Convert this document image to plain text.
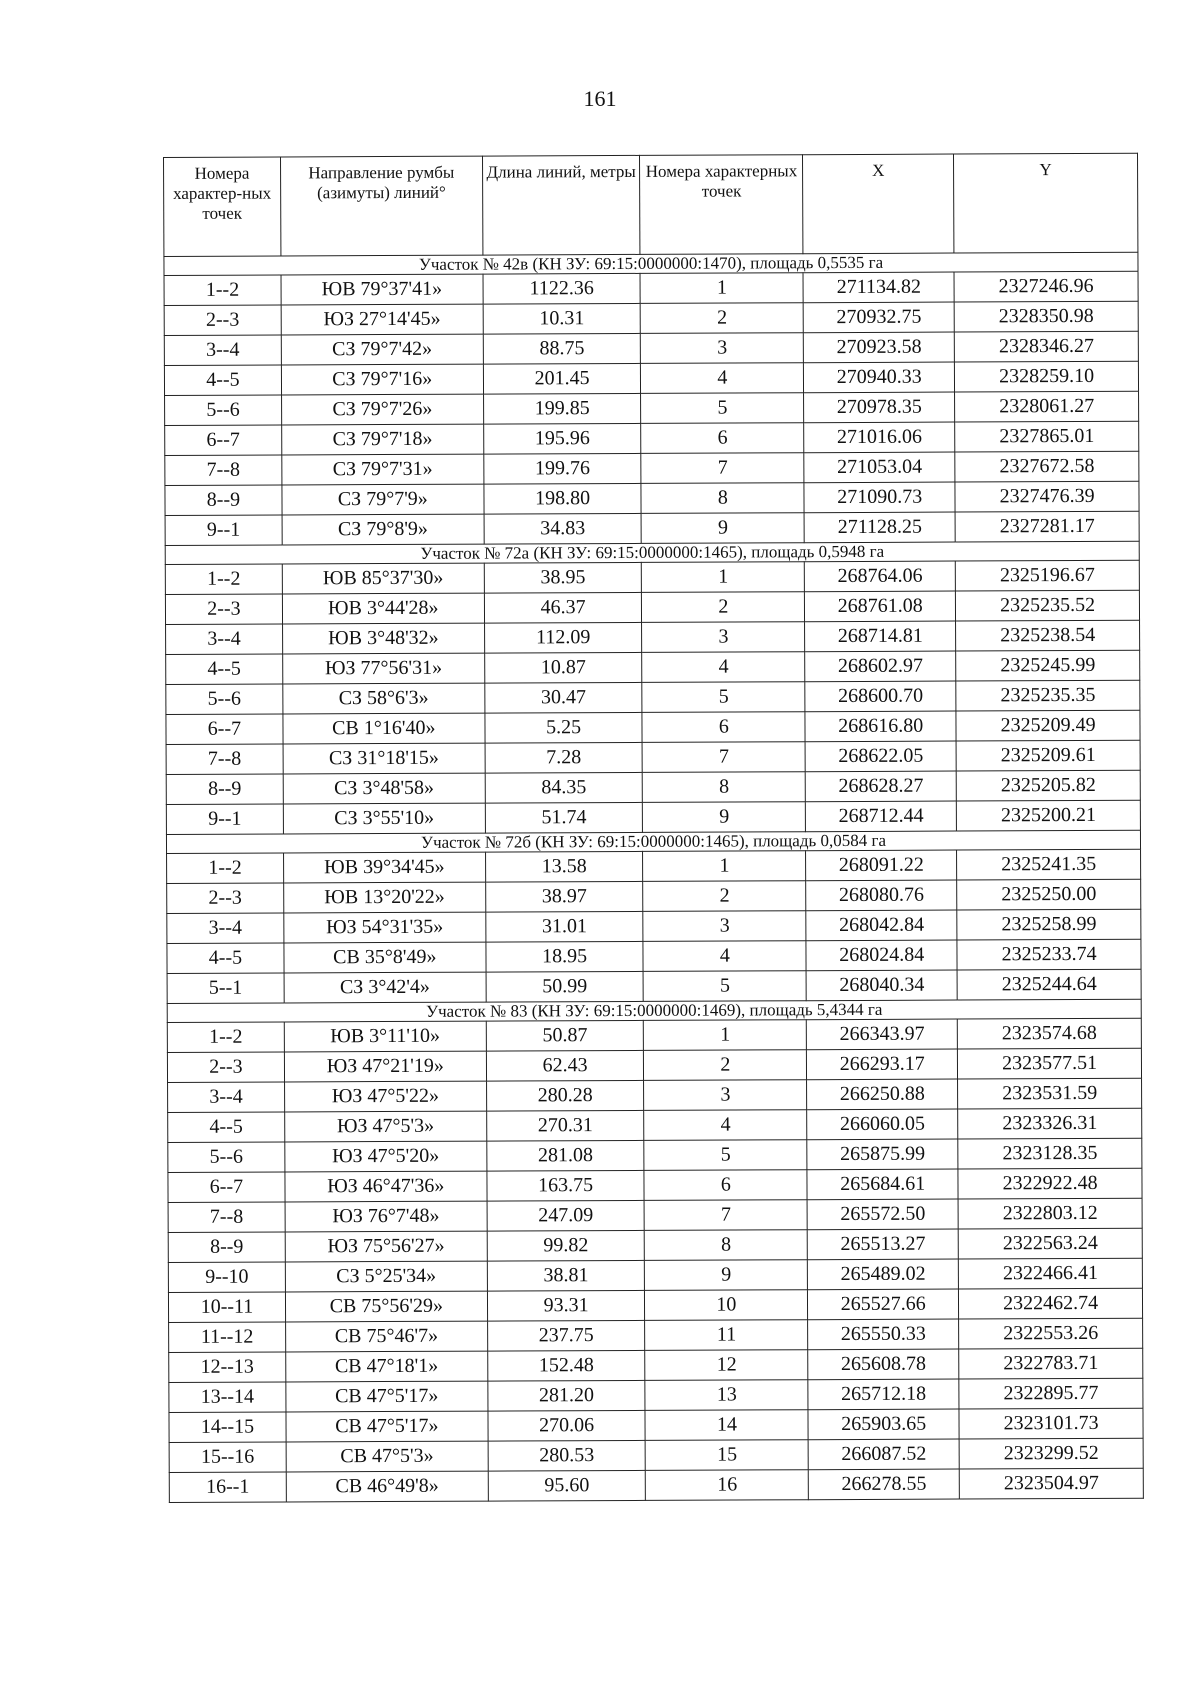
161
Номера характер-ных точек	Направление румбы (азимуты) линий°	Длина линий, метры	Номера характерных точек	X	Y
Участок № 42в (КН ЗУ: 69:15:0000000:1470), площадь 0,5535 га					
1--2	ЮВ 79°37'41»	1122.36	1	271134.82	2327246.96
2--3	ЮЗ 27°14'45»	10.31	2	270932.75	2328350.98
3--4	СЗ 79°7'42»	88.75	3	270923.58	2328346.27
4--5	СЗ 79°7'16»	201.45	4	270940.33	2328259.10
5--6	СЗ 79°7'26»	199.85	5	270978.35	2328061.27
6--7	СЗ 79°7'18»	195.96	6	271016.06	2327865.01
7--8	СЗ 79°7'31»	199.76	7	271053.04	2327672.58
8--9	СЗ 79°7'9»	198.80	8	271090.73	2327476.39
9--1	СЗ 79°8'9»	34.83	9	271128.25	2327281.17
Участок № 72а (КН ЗУ: 69:15:0000000:1465), площадь 0,5948 га					
1--2	ЮВ 85°37'30»	38.95	1	268764.06	2325196.67
2--3	ЮВ 3°44'28»	46.37	2	268761.08	2325235.52
3--4	ЮВ 3°48'32»	112.09	3	268714.81	2325238.54
4--5	ЮЗ 77°56'31»	10.87	4	268602.97	2325245.99
5--6	СЗ 58°6'3»	30.47	5	268600.70	2325235.35
6--7	СВ 1°16'40»	5.25	6	268616.80	2325209.49
7--8	СЗ 31°18'15»	7.28	7	268622.05	2325209.61
8--9	СЗ 3°48'58»	84.35	8	268628.27	2325205.82
9--1	СЗ 3°55'10»	51.74	9	268712.44	2325200.21
Участок № 72б (КН ЗУ: 69:15:0000000:1465), площадь 0,0584 га					
1--2	ЮВ 39°34'45»	13.58	1	268091.22	2325241.35
2--3	ЮВ 13°20'22»	38.97	2	268080.76	2325250.00
3--4	ЮЗ 54°31'35»	31.01	3	268042.84	2325258.99
4--5	СВ 35°8'49»	18.95	4	268024.84	2325233.74
5--1	СЗ 3°42'4»	50.99	5	268040.34	2325244.64
Участок № 83 (КН ЗУ: 69:15:0000000:1469), площадь 5,4344 га					
1--2	ЮВ 3°11'10»	50.87	1	266343.97	2323574.68
2--3	ЮЗ 47°21'19»	62.43	2	266293.17	2323577.51
3--4	ЮЗ 47°5'22»	280.28	3	266250.88	2323531.59
4--5	ЮЗ 47°5'3»	270.31	4	266060.05	2323326.31
5--6	ЮЗ 47°5'20»	281.08	5	265875.99	2323128.35
6--7	ЮЗ 46°47'36»	163.75	6	265684.61	2322922.48
7--8	ЮЗ 76°7'48»	247.09	7	265572.50	2322803.12
8--9	ЮЗ 75°56'27»	99.82	8	265513.27	2322563.24
9--10	СЗ 5°25'34»	38.81	9	265489.02	2322466.41
10--11	СВ 75°56'29»	93.31	10	265527.66	2322462.74
11--12	СВ 75°46'7»	237.75	11	265550.33	2322553.26
12--13	СВ 47°18'1»	152.48	12	265608.78	2322783.71
13--14	СВ 47°5'17»	281.20	13	265712.18	2322895.77
14--15	СВ 47°5'17»	270.06	14	265903.65	2323101.73
15--16	СВ 47°5'3»	280.53	15	266087.52	2323299.52
16--1	СВ 46°49'8»	95.60	16	266278.55	2323504.97
